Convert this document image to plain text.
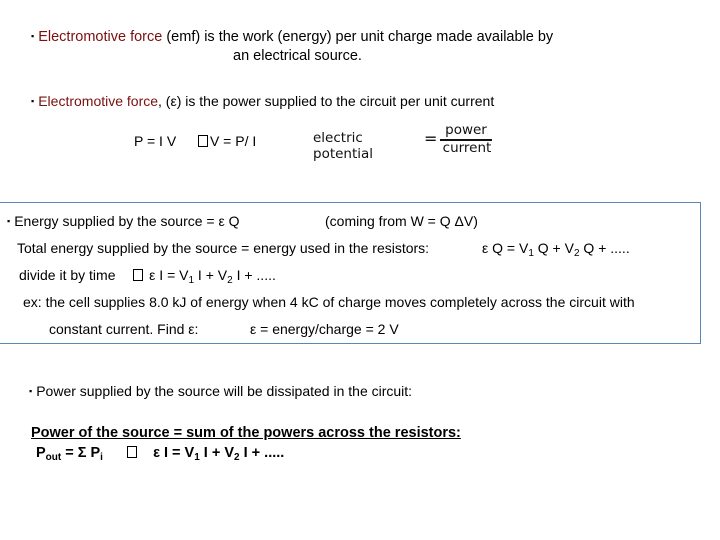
▪ Electromotive force (emf) is the work (energy) per unit charge made available by
an electrical source.
▪ Electromotive force, (ε) is the power supplied to the circuit per unit current
P = I V V = P/ I	electric potential
= power
current
▪ Energy supplied by the source = ε Q	(coming from W = Q ΔV)
Total energy supplied by the source = energy used in the resistors:	ε $Q = V_1$ $Q + V_2$ Q + .....
divide it by time ε $I = V_1$ $I + V_2$ I + .....
ex: the cell supplies 8.0 kJ of energy when 4 kC of charge moves completely across the circuit with
constant current. Find ε:	ε = energy/charge = 2 V
▪ Power supplied by the source will be dissipated in the circuit:
Power of the source = sum of the powers across the resistors:
$P_{out} = \Sigma$ $P_i$	ε $I = V_1$ $I + V_2$ I + .....
